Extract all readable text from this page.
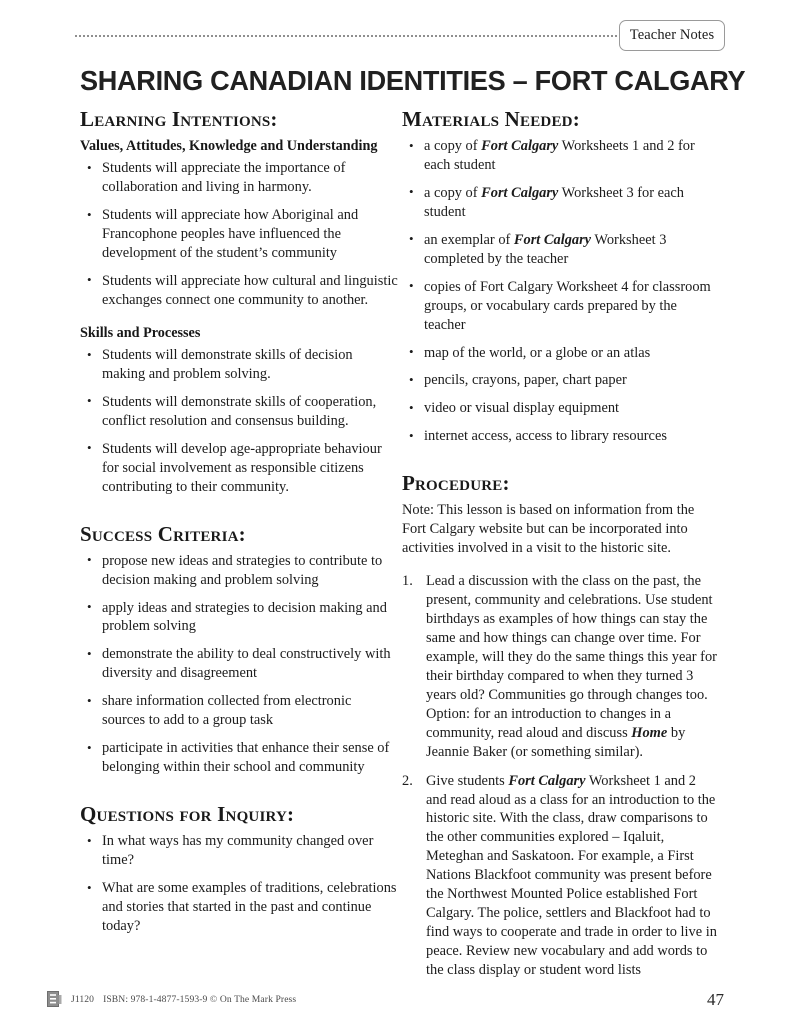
Teacher Notes
SHARING CANADIAN IDENTITIES – FORT CALGARY
Learning Intentions:
Values, Attitudes, Knowledge and Understanding
• Students will appreciate the importance of collaboration and living in harmony.
• Students will appreciate how Aboriginal and Francophone peoples have influenced the development of the student’s community
• Students will appreciate how cultural and linguistic exchanges connect one community to another.
Skills and Processes
• Students will demonstrate skills of decision making and problem solving.
• Students will demonstrate skills of cooperation, conflict resolution and consensus building.
• Students will develop age-appropriate behaviour for social involvement as responsible citizens contributing to their community.
Success Criteria:
• propose new ideas and strategies to contribute to decision making and problem solving
• apply ideas and strategies to decision making and problem solving
• demonstrate the ability to deal constructively with diversity and disagreement
• share information collected from electronic sources to add to a group task
• participate in activities that enhance their sense of belonging within their school and community
Questions for Inquiry:
• In what ways has my community changed over time?
• What are some examples of traditions, celebrations and stories that started in the past and continue today?
Materials Needed:
• a copy of Fort Calgary Worksheets 1 and 2 for each student
• a copy of Fort Calgary Worksheet 3 for each student
• an exemplar of Fort Calgary Worksheet 3 completed by the teacher
• copies of Fort Calgary Worksheet 4 for classroom groups, or vocabulary cards prepared by the teacher
• map of the world, or a globe or an atlas
• pencils, crayons, paper, chart paper
• video or visual display equipment
• internet access, access to library resources
Procedure:

Note: This lesson is based on information from the Fort Calgary website but can be incorporated into activities involved in a visit to the historic site.

Lead a discussion with the class on the past, the present, community and celebrations. Use student birthdays as examples of how things can stay the same and how things can change over time. For example, will they do the same things this year for their birthday compared to when they turned 3 years old? Communities go through changes too. Option: for an introduction to changes in a community, read aloud and discuss Home by Jeannie Baker (or something similar).
Give students Fort Calgary Worksheet 1 and 2 and read aloud as a class for an introduction to the historic site. With the class, draw comparisons to the other communities explored – Iqaluit, Meteghan and Saskatoon. For example, a First Nations Blackfoot community was present before the Northwest Mounted Police established Fort Calgary. The police, settlers and Blackfoot had to find ways to cooperate and trade in order to live in peace. Review new vocabulary and add words to the class display or student word lists
J1120 ISBN: 978-1-4877-1593-9 © On The Mark Press	47
